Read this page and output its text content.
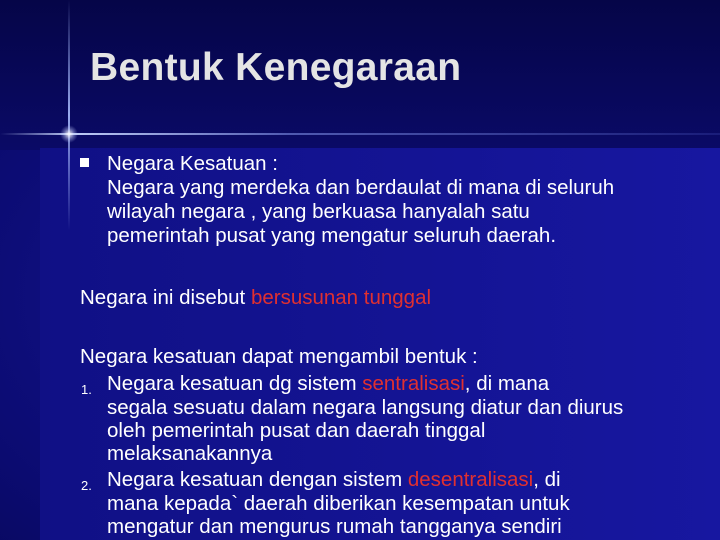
Bentuk Kenegaraan
Negara Kesatuan :
Negara yang merdeka dan berdaulat di mana di seluruh
wilayah negara , yang berkuasa hanyalah satu
pemerintah pusat yang mengatur seluruh daerah.
Negara ini disebut bersusunan tunggal
Negara kesatuan dapat mengambil bentuk :
1. Negara kesatuan dg sistem sentralisasi, di mana
segala sesuatu dalam negara langsung diatur dan diurus
oleh pemerintah pusat dan daerah tinggal
melaksanakannya
2. Negara kesatuan dengan sistem desentralisasi, di
mana kepada` daerah diberikan kesempatan untuk
mengatur dan mengurus rumah tangganya sendiri
